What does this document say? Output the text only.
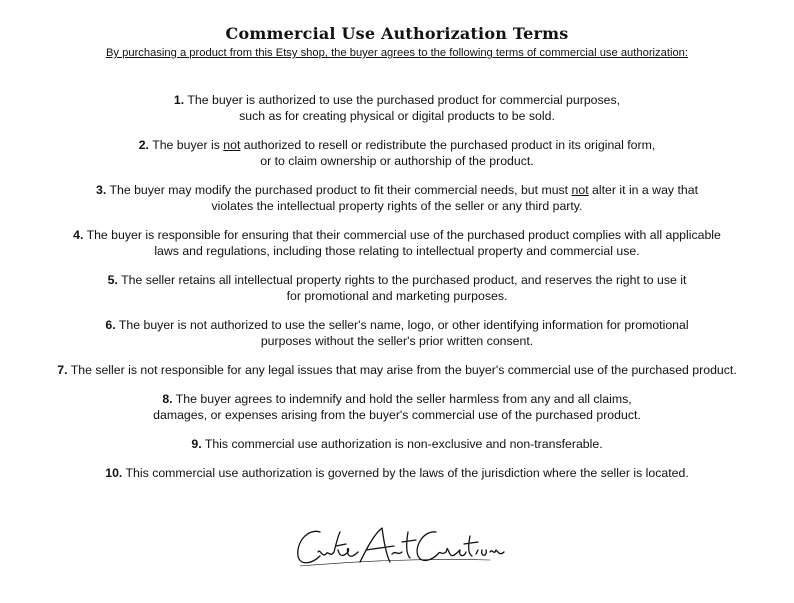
Commercial Use Authorization Terms
By purchasing a product from this Etsy shop, the buyer agrees to the following terms of commercial use authorization:
1. The buyer is authorized to use the purchased product for commercial purposes,
such as for creating physical or digital products to be sold.
2. The buyer is not authorized to resell or redistribute the purchased product in its original form,
or to claim ownership or authorship of the product.
3. The buyer may modify the purchased product to fit their commercial needs, but must not alter it in a way that
violates the intellectual property rights of the seller or any third party.
4. The buyer is responsible for ensuring that their commercial use of the purchased product complies with all applicable
laws and regulations, including those relating to intellectual property and commercial use.
5. The seller retains all intellectual property rights to the purchased product, and reserves the right to use it
for promotional and marketing purposes.
6. The buyer is not authorized to use the seller's name, logo, or other identifying information for promotional
purposes without the seller's prior written consent.
7. The seller is not responsible for any legal issues that may arise from the buyer's commercial use of the purchased product.
8. The buyer agrees to indemnify and hold the seller harmless from any and all claims,
damages, or expenses arising from the buyer's commercial use of the purchased product.
9. This commercial use authorization is non-exclusive and non-transferable.
10. This commercial use authorization is governed by the laws of the jurisdiction where the seller is located.
